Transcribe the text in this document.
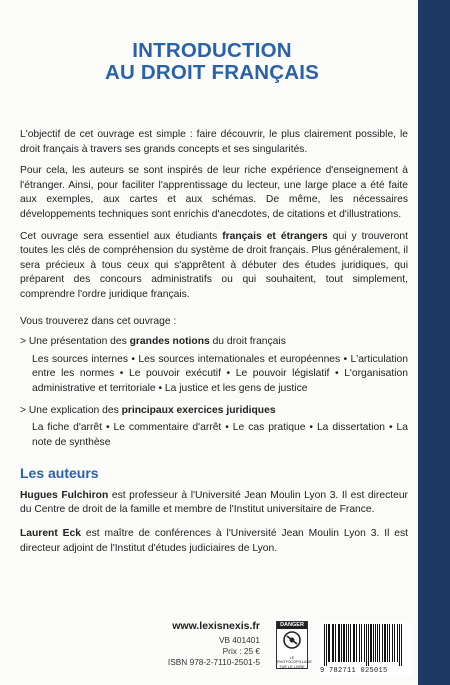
INTRODUCTION
AU DROIT FRANÇAIS

L'objectif de cet ouvrage est simple : faire découvrir, le plus clairement possible, le droit français à travers ses grands concepts et ses singularités.

Pour cela, les auteurs se sont inspirés de leur riche expérience d'enseignement à l'étranger. Ainsi, pour faciliter l'apprentissage du lecteur, une large place a été faite aux exemples, aux cartes et aux schémas. De même, les nécessaires développements techniques sont enrichis d'anecdotes, de citations et d'illustrations.

Cet ouvrage sera essentiel aux étudiants français et étrangers qui y trouveront toutes les clés de compréhension du système de droit français. Plus généralement, il sera précieux à tous ceux qui s'apprêtent à débuter des études juridiques, qui préparent des concours administratifs ou qui souhaitent, tout simplement, comprendre l'ordre juridique français.

Vous trouverez dans cet ouvrage :

> Une présentation des grandes notions du droit français

Les sources internes • Les sources internationales et européennes • L'articulation entre les normes • Le pouvoir exécutif • Le pouvoir législatif • L'organisation administrative et territoriale • La justice et les gens de justice

> Une explication des principaux exercices juridiques

La fiche d'arrêt • Le commentaire d'arrêt • Le cas pratique • La dissertation • La note de synthèse

Les auteurs

Hugues Fulchiron est professeur à l'Université Jean Moulin Lyon 3. Il est directeur du Centre de droit de la famille et membre de l'Institut universitaire de France.

Laurent Eck est maître de conférences à l'Université Jean Moulin Lyon 3. Il est directeur adjoint de l'Institut d'études judiciaires de Lyon.

www.lexisnexis.fr
VB 401401
Prix : 25 €
ISBN 978-2-7110-2501-5
DANGER
LE PHOTOCOPILLAGE TUE LE LIVRE
9 782711 025015
